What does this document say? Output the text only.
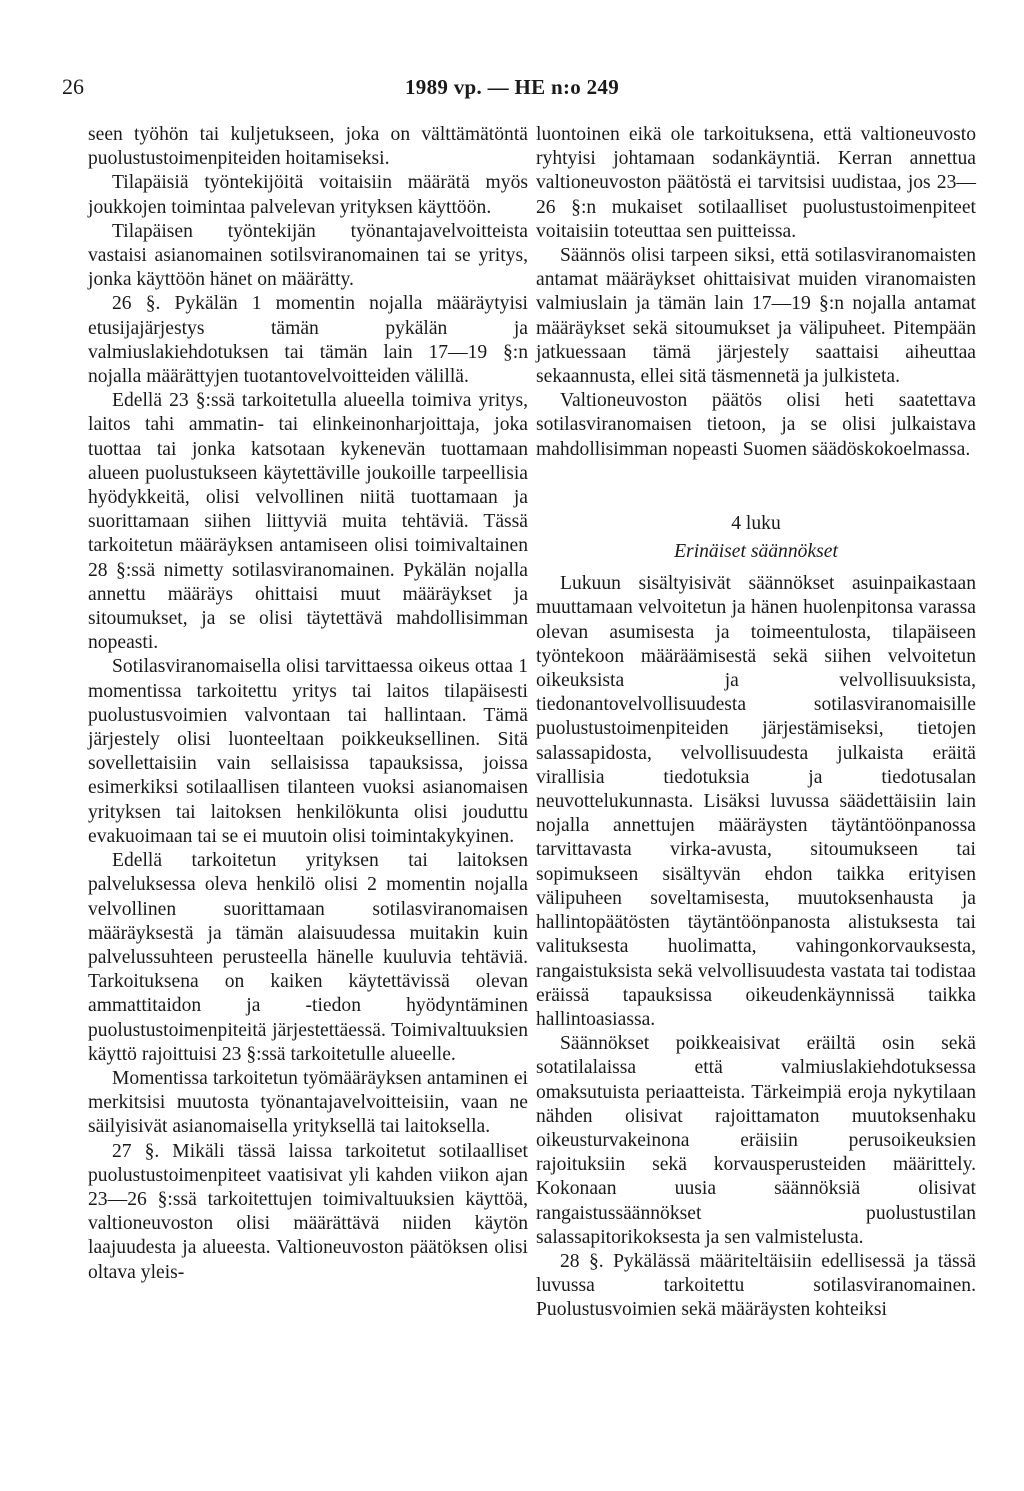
26	1989 vp. — HE n:o 249

seen työhön tai kuljetukseen, joka on välttämätöntä puolustustoimenpiteiden hoitamiseksi.

Tilapäisiä työntekijöitä voitaisiin määrätä myös joukkojen toimintaa palvelevan yrityksen käyttöön.

Tilapäisen työntekijän työnantajavelvoitteista vastaisi asianomainen sotilsviranomainen tai se yritys, jonka käyttöön hänet on määrätty.

26 §. Pykälän 1 momentin nojalla määräytyisi etusijajärjestys tämän pykälän ja valmiuslakiehdotuksen tai tämän lain 17—19 §:n nojalla määrättyjen tuotantovelvoitteiden välillä.

Edellä 23 §:ssä tarkoitetulla alueella toimiva yritys, laitos tahi ammatin- tai elinkeinonharjoittaja, joka tuottaa tai jonka katsotaan kykenevän tuottamaan alueen puolustukseen käytettäville joukoille tarpeellisia hyödykkeitä, olisi velvollinen niitä tuottamaan ja suorittamaan siihen liittyviä muita tehtäviä. Tässä tarkoitetun määräyksen antamiseen olisi toimivaltainen 28 §:ssä nimetty sotilasviranomainen. Pykälän nojalla annettu määräys ohittaisi muut määräykset ja sitoumukset, ja se olisi täytettävä mahdollisimman nopeasti.

Sotilasviranomaisella olisi tarvittaessa oikeus ottaa 1 momentissa tarkoitettu yritys tai laitos tilapäisesti puolustusvoimien valvontaan tai hallintaan. Tämä järjestely olisi luonteeltaan poikkeuksellinen. Sitä sovellettaisiin vain sellaisissa tapauksissa, joissa esimerkiksi sotilaallisen tilanteen vuoksi asianomaisen yrityksen tai laitoksen henkilökunta olisi jouduttu evakuoimaan tai se ei muutoin olisi toimintakykyinen.

Edellä tarkoitetun yrityksen tai laitoksen palveluksessa oleva henkilö olisi 2 momentin nojalla velvollinen suorittamaan sotilasviranomaisen määräyksestä ja tämän alaisuudessa muitakin kuin palvelussuhteen perusteella hänelle kuuluvia tehtäviä. Tarkoituksena on kaiken käytettävissä olevan ammattitaidon ja -tiedon hyödyntäminen puolustustoimenpiteitä järjestettäessä. Toimivaltuuksien käyttö rajoittuisi 23 §:ssä tarkoitetulle alueelle.

Momentissa tarkoitetun työmääräyksen antaminen ei merkitsisi muutosta työnantajavelvoitteisiin, vaan ne säilyisivät asianomaisella yrityksellä tai laitoksella.

27 §. Mikäli tässä laissa tarkoitetut sotilaalliset puolustustoimenpiteet vaatisivat yli kahden viikon ajan 23—26 §:ssä tarkoitettujen toimivaltuuksien käyttöä, valtioneuvoston olisi määrättävä niiden käytön laajuudesta ja alueesta. Valtioneuvoston päätöksen olisi oltava yleis-

luontoinen eikä ole tarkoituksena, että valtioneuvosto ryhtyisi johtamaan sodankäyntiä. Kerran annettua valtioneuvoston päätöstä ei tarvitsisi uudistaa, jos 23—26 §:n mukaiset sotilaalliset puolustustoimenpiteet voitaisiin toteuttaa sen puitteissa.

Säännös olisi tarpeen siksi, että sotilasviranomaisten antamat määräykset ohittaisivat muiden viranomaisten valmiuslain ja tämän lain 17—19 §:n nojalla antamat määräykset sekä sitoumukset ja välipuheet. Pitempään jatkuessaan tämä järjestely saattaisi aiheuttaa sekaannusta, ellei sitä täsmennetä ja julkisteta.

Valtioneuvoston päätös olisi heti saatettava sotilasviranomaisen tietoon, ja se olisi julkaistava mahdollisimman nopeasti Suomen säädöskokoelmassa.

4 luku

Erinäiset säännökset

Lukuun sisältyisivät säännökset asuinpaikastaan muuttamaan velvoitetun ja hänen huolenpitonsa varassa olevan asumisesta ja toimeentulosta, tilapäiseen työntekoon määräämisestä sekä siihen velvoitetun oikeuksista ja velvollisuuksista, tiedonantovelvollisuudesta sotilasviranomaisille puolustustoimenpiteiden järjestämiseksi, tietojen salassapidosta, velvollisuudesta julkaista eräitä virallisia tiedotuksia ja tiedotusalan neuvottelukunnasta. Lisäksi luvussa säädettäisiin lain nojalla annettujen määräysten täytäntöönpanossa tarvittavasta virka-avusta, sitoumukseen tai sopimukseen sisältyvän ehdon taikka erityisen välipuheen soveltamisesta, muutoksenhausta ja hallintopäätösten täytäntöönpanosta alistuksesta tai valituksesta huolimatta, vahingonkorvauksesta, rangaistuksista sekä velvollisuudesta vastata tai todistaa eräissä tapauksissa oikeudenkäynnissä taikka hallintoasiassa.

Säännökset poikkeaisivat eräiltä osin sekä sotatilalaissa että valmiuslakiehdotuksessa omaksutuista periaatteista. Tärkeimpiä eroja nykytilaan nähden olisivat rajoittamaton muutoksenhaku oikeusturvakeinona eräisiin perusoikeuksien rajoituksiin sekä korvausperusteiden määrittely. Kokonaan uusia säännöksiä olisivat rangaistussäännökset puolustustilan salassapitorikoksesta ja sen valmistelusta.

28 §. Pykälässä määriteltäisiin edellisessä ja tässä luvussa tarkoitettu sotilasviranomainen. Puolustusvoimien sekä määräysten kohteiksi
